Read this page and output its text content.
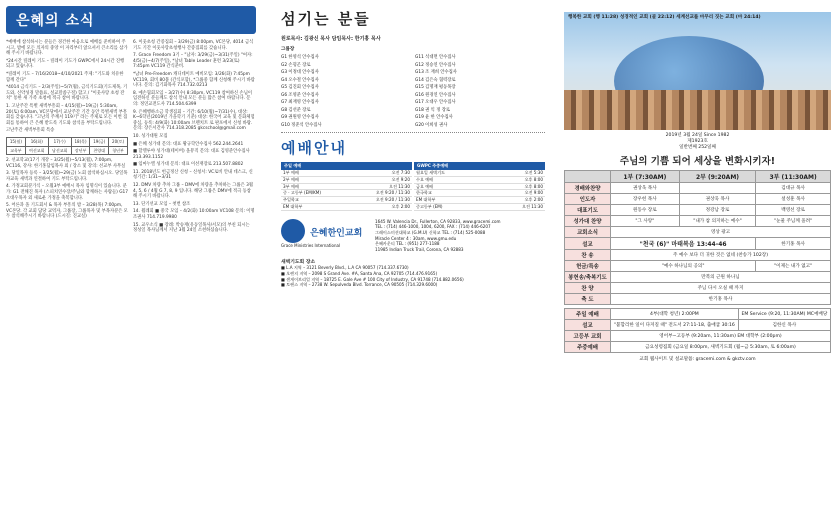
은혜의 소식

*예배에 참석하시는 분들은 경건한 마음으로 예배를 준비하여 주시고, 밤에 모든 의자의 중앙 이 자리부터 앉으셔서 큰소리를 삼가해 주시기 바랍니다.

*24시간 릴레이 기도 – 릴레이 기도가 GWPC에서 24시간 진행되고 있습니다.

*릴레이 기도 – 7/16/2018~4/10/2021 주제: "기도와 치유한 함께 간다"

*4014 금식기도 – 2/3(주일)~5/7(월), 금식기도회(기도제목, 기도와, 신약성경 말씀표, 설교말씀구절) 합고 / "이웃사랑 초청 잔치" 통한 새 가족 초청에 적극 참여 바랍니다.

1. 고난주간 특별 새벽부흥회 – 4/15(월)~19(금) 5:30am, 20(토) 6:00am, VC본당에서 교난주간 기간 동안 특별새벽 부흥회를 갖습니다. "고난의 주께서 119기" 라는 주제로 모든 이번 집회를 통하여 큰 은혜 받도록 기도와 참석을 부탁드립니다.

고난주간 새벽부흥회 특송

15(월)	16(화)	17(수)	18(목)	19(금)	20(토)
교육부	여선교회	남선교회	장년부	찬양대	청년부

2. 선교학교(17기 개강 – 3/25(월)~5/13(월), 7:00pm, VC116, 강사: 한기홍담임목사 외 / 장소 및 강의: 선교부 사무실

3. 당일목자 등록 – 3/25(월)~29(금) 노회 참석하십시오. 당일목자교육 새벽과 연결하여 기도 부탁드립니다.

4. 가정교회분가식 – 오월3부 예배시 목자 임명식이 있습니다. 분가: G1 전해진 목자 (스피치연수장/주님와 함께하는 사람들) G17 오대우목자 외 새로운 가정을 축복합니다.

5. 어른과 올 기도회서 & 목자 부흥의 밤 – 3/28(목) 7:00pm, VC본당. 각 교회 담당 교역자, 그룹장, 그룹목자 및 부목자분은 모두 참석해주시기 바랍니다 (드시길: 진교실)

6. 이웃초청 간증집회 – 3/29(금) 8:00pm, VC본당, 4014 금식기도 기간 이웃사랑초청행사 간증집회를 갖습니다.

7. Grace Freedom 3기 – "남자: 3/29(금)~3/31(주일) "여자: 4/5(금)~4/7(주일), *남녀 Table Leader 훈련 3/23(토) 7:45pm VC119 간식준비.

*남녀 Pre-Freedom 캐디데이트 예비모임: 3/26(화) 7:45pm VC119, 회비 80불 (간식포함), *그룹중 함께 신청해 주시기 바랍니다. 문의: 김기화목사 714.732.0213

8. 예손협회모임 – 3/27(수) 8:30pm, VC119 참여하신 손님이 임전하신 분들께도 참석 안내 모든 분들 많은 참여 바랍니다. 문의: 정연교전도사 714.504.6399

9. 은혜행하소금 학생집회 – 기간: 6/10(월)~7/31(수), 대상: K~6학년(2019년 가을학기 기준) 대상: 한국어 교육 및 문화체험 중심, 등록: 4/9(화) 10:00am 브렌치트 로 판포에서 신청 바람. 문의: 장은서간사 714.318.2085 gkcschool@gmail.com

10. 성가대원 모집

■ 은혜 성가대 문의: 대표 황규학안수집사 562.244.2641

■ 할렐루야 성가대(테이버) 올뮤직 문의: 대표 김영준안수집사 213.393.1152

■ 임마누엘 성가대 문의: 대표 이선재장로 213.507.8802

11. 2018년도 헌금정산 신청 – 신청서: VC로비 안내 데스크, 신청기간: 1/31~3/31

12. DMV 차량 추차 그룹 – DMV에 차량을 추차하는 그룹은 3월 4, 5, 6 / 4월 G 7, 8, 9 입니다. 해당 그룹은 DMV에 적극 동참해 주시기 바랍니다.

13. 단기선교 모임 – 첫번 참조

14. 월례회 ■ 중국 모임 – 4/2(화) 10:00am VC108 문의: 이명조권사 714.719.9980

15. 교우소식 ■ 장례: 박승재(유동일목사/서모)의 부친 되시는 정성일 목사님께서 지난 3월 24일 소천하셨습니다.

섬기는 분들
원로목사: 김광신 목사 담임목사: 한기홍 목사
그룹장
G1 한영석 안수집사	G11 석대면 안수집사
G2 손형곤 장로	G12 정승연 안수집사
G3 이정대 안수집사	G13 조 재희 안수집사
G4 오수철 안수집사	G14 김은숙 협력장로
G5 김진회 안수집사	G15 김명재 평동목장
G6 조영준 안수집사	G16 원경연 안수집사
G7 최재영 안수집사	G17 오대우 안수집사
G8 김선준 장로	G18 권 익 정 장로
G9 권원영 안수집사	G19 윤 한 안수집사
G10 정준석 안수집사	G20 이희성 권사
예배안내
주일 예배
1부 예배	오전 7:30
2부 예배	오전 9:20
3부 예배	오전 11:30
중 · 고등부 (EM/KM)	오전 9:20 / 11:30
주일학교	오전 9:20 / 11:30
EM 대학부	오후 2:00
GWPC 주중예배
월요일 새벽기도	오전 5:30
수요 예배	오후 8:00
금요 예배	오후 8:00
한국학교	오전 9:00
EM 대학부	오후 2:00
중고등부 (EM)	오전 11:30
은혜한인교회
Grace Ministries International
1645 W. Valencia Dr., Fullerton, CA 92833, www.gracemi.com
TEL : (714) 446-1000, 1004, 6200, FAX : (714) 446-6207
그레이스미션대학교 (G.M.U) 신학교 TEL : (714) 525-0088
Miracle Center 4 : 30am, www.gmu.edu
은혜카운티 TEL : (951) 277-1188
11985 Indian Truck Trail, Corona, CA 92883
새벽기도회 장소
■ L.A 지역 – 3121 Beverly Blvd., L.A CA 90057 (714.337.6730)
■ 오렌지 지역 – 2098 S Grand Ave. #A, Santa Ana, CA 92705 (714.476.9165)
■ 샌게이브리얼 지역 – 18725 E. Gale Ave # 100 City of Industry, CA 91748 (714.882.0656)
■ 토랜스 지역 – 2738 W. Sepulveda Blvd. Torrance, CA 90505 (714.329.6000)
행복한 교회 (행 11:28) 성경적인 교회 (골 22:12) 세계선교를 마무리 짓는 교회 (마 24:14)
2019년 3월 24일 Since 1982
제1923호
일반번째 252일째
주님의 기쁨 되어 세상을 변화시키자!
	1부 (7:30AM)	2부 (9:20AM)	3부 (11:30AM)
경배와찬양	권상욱 목사		김대규 목사
인도자	장우헌 목사	권상욱 목사	설성훈 목사
대표기도	원동수 장로	정강남 장로	백영선 장로
성가대 찬양	"그 사랑"	"내가 참 의지하는 예수"	"눈물 주님께 올려"
교회소식	영상 광고		
설교	"천국 (6)" 마태복음 13:44-46		한기홍 목사
찬 송	주 예수 보다 더 귀한 것은 없네 (찬송가 102장)		
헌금/특송	"예수 하나님의 공의"		"이제는 내가 없고"
봉헌송/축복기도	만복의 근원 하나님		
찬 양	주님 다시 오실 때 까지		
축 도	한기홍 목사		
주일 예배	4부(대학 청년) 2:00PM	EM Service (9:20, 11:30AM) MC예배당
설교	"불합리한 일이 다져질 때" 전도서 27:11-18, 출애굽 30:16	김한신 목사
고등부 교회	영어부−고등부 (9:20am, 11:30am) EM 대학부 (2:00pm)	
주중예배	금요성령집회 (금요일 8:00pm, 새벽기도회 (월~금 5:30am, 토 6:00am)	
교회 웹사이트 및 설교말씀: gracemi.com & gkctv.com
